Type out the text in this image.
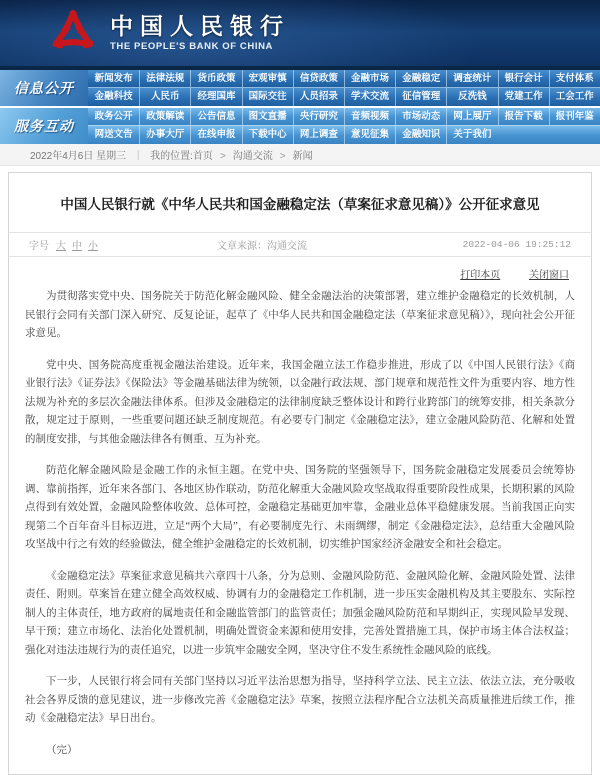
中国人民银行
THE PEOPLE'S BANK OF CHINA
信息公开
新闻发布	法律法规	货币政策	宏观审慎	信贷政策	金融市场	金融稳定	调查统计	银行会计	支付体系
金融科技	人民币	经理国库	国际交往	人员招录	学术交流	征信管理	反洗钱	党建工作	工会工作
服务互动
政务公开	政策解读	公告信息	图文直播	央行研究	音频视频	市场动态	网上展厅	报告下载	报刊年鉴
网送文告	办事大厅	在线申报	下载中心	网上调查	意见征集	金融知识	关于我们
2022年4月6日 星期三 ｜ 我的位置:首页 > 沟通交流 > 新闻
中国人民银行就《中华人民共和国金融稳定法（草案征求意见稿）》公开征求意见
字号 大 中 小	文章来源：沟通交流	2022-04-06 19:25:12
打印本页	关闭窗口

为贯彻落实党中央、国务院关于防范化解金融风险、健全金融法治的决策部署，建立维护金融稳定的长效机制，人民银行会同有关部门深入研究、反复论证，起草了《中华人民共和国金融稳定法（草案征求意见稿）》，现向社会公开征求意见。

党中央、国务院高度重视金融法治建设。近年来，我国金融立法工作稳步推进，形成了以《中国人民银行法》《商业银行法》《证券法》《保险法》等金融基础法律为统领，以金融行政法规、部门规章和规范性文件为重要内容、地方性法规为补充的多层次金融法律体系。但涉及金融稳定的法律制度缺乏整体设计和跨行业跨部门的统筹安排，相关条款分散，规定过于原则，一些重要问题还缺乏制度规范。有必要专门制定《金融稳定法》，建立金融风险防范、化解和处置的制度安排，与其他金融法律各有侧重、互为补充。

防范化解金融风险是金融工作的永恒主题。在党中央、国务院的坚强领导下，国务院金融稳定发展委员会统筹协调、靠前指挥，近年来各部门、各地区协作联动，防范化解重大金融风险攻坚战取得重要阶段性成果，长期积累的风险点得到有效处置，金融风险整体收敛、总体可控，金融稳定基础更加牢靠，金融业总体平稳健康发展。当前我国正向实现第二个百年奋斗目标迈进，立足“两个大局”，有必要制度先行、未雨绸缪，制定《金融稳定法》，总结重大金融风险攻坚战中行之有效的经验做法，健全维护金融稳定的长效机制，切实维护国家经济金融安全和社会稳定。

《金融稳定法》草案征求意见稿共六章四十八条，分为总则、金融风险防范、金融风险化解、金融风险处置、法律责任、附则。草案旨在建立健全高效权威、协调有力的金融稳定工作机制，进一步压实金融机构及其主要股东、实际控制人的主体责任，地方政府的属地责任和金融监管部门的监管责任；加强金融风险防范和早期纠正，实现风险早发现、早干预；建立市场化、法治化处置机制，明确处置资金来源和使用安排，完善处置措施工具，保护市场主体合法权益；强化对违法违规行为的责任追究，以进一步筑牢金融安全网，坚决守住不发生系统性金融风险的底线。

下一步，人民银行将会同有关部门坚持以习近平法治思想为指导，坚持科学立法、民主立法、依法立法，充分吸收社会各界反馈的意见建议，进一步修改完善《金融稳定法》草案，按照立法程序配合立法机关高质量推进后续工作，推动《金融稳定法》早日出台。

（完）
